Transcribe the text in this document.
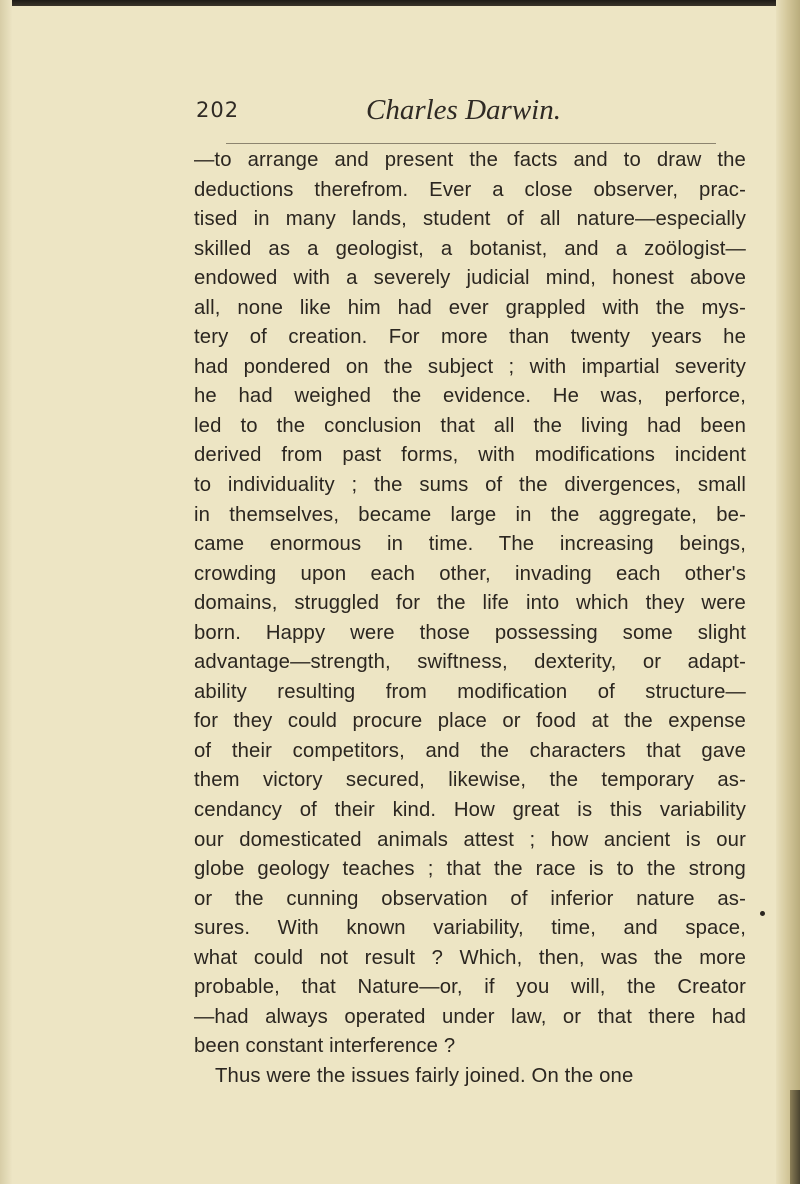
202	Charles Darwin.
—to arrange and present the facts and to draw the
deductions therefrom. Ever a close observer, prac-
tised in many lands, student of all nature—especially
skilled as a geologist, a botanist, and a zoölogist—
endowed with a severely judicial mind, honest above
all, none like him had ever grappled with the mys-
tery of creation. For more than twenty years he
had pondered on the subject ; with impartial severity
he had weighed the evidence. He was, perforce,
led to the conclusion that all the living had been
derived from past forms, with modifications incident
to individuality ; the sums of the divergences, small
in themselves, became large in the aggregate, be-
came enormous in time. The increasing beings,
crowding upon each other, invading each other's
domains, struggled for the life into which they were
born. Happy were those possessing some slight
advantage—strength, swiftness, dexterity, or adapt-
ability resulting from modification of structure—
for they could procure place or food at the expense
of their competitors, and the characters that gave
them victory secured, likewise, the temporary as-
cendancy of their kind. How great is this variability
our domesticated animals attest ; how ancient is our
globe geology teaches ; that the race is to the strong
or the cunning observation of inferior nature as-
sures. With known variability, time, and space,
what could not result ? Which, then, was the more
probable, that Nature—or, if you will, the Creator
—had always operated under law, or that there had
been constant interference ?
Thus were the issues fairly joined. On the one
